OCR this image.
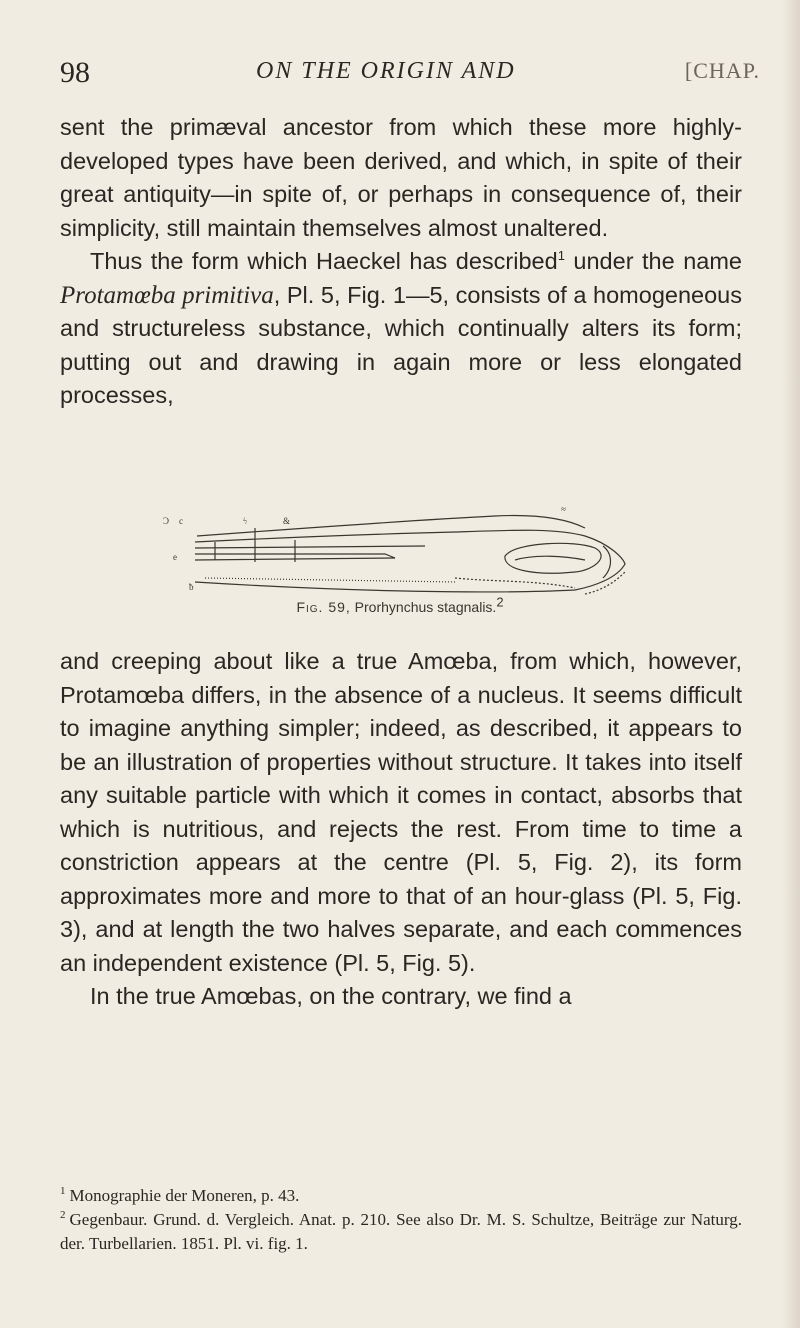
98	ON THE ORIGIN AND	[CHAP.

sent the primæval ancestor from which these more highly-developed types have been derived, and which, in spite of their great antiquity—in spite of, or perhaps in consequence of, their simplicity, still maintain themselves almost unaltered.

Thus the form which Haeckel has described$^1$ under the name Protamœba primitiva, Pl. 5, Fig. 1—5, consists of a homogeneous and structureless substance, which continually alters its form; putting out and drawing in again more or less elongated processes,

Ɔ c	ϟ	&
≈
e
ƀ
Fig. 59, Prorhynchus stagnalis.2

and creeping about like a true Amœba, from which, however, Protamœba differs, in the absence of a nucleus. It seems difficult to imagine anything simpler; indeed, as described, it appears to be an illustration of properties without structure. It takes into itself any suitable particle with which it comes in contact, absorbs that which is nutritious, and rejects the rest. From time to time a constriction appears at the centre (Pl. 5, Fig. 2), its form approximates more and more to that of an hour-glass (Pl. 5, Fig. 3), and at length the two halves separate, and each commences an independent existence (Pl. 5, Fig. 5).

In the true Amœbas, on the contrary, we find a

$^1$ Monographie der Moneren, p. 43.

$^2$ Gegenbaur. Grund. d. Vergleich. Anat. p. 210. See also Dr. M. S. Schultze, Beiträge zur Naturg. der. Turbellarien. 1851. Pl. vi. fig. 1.
